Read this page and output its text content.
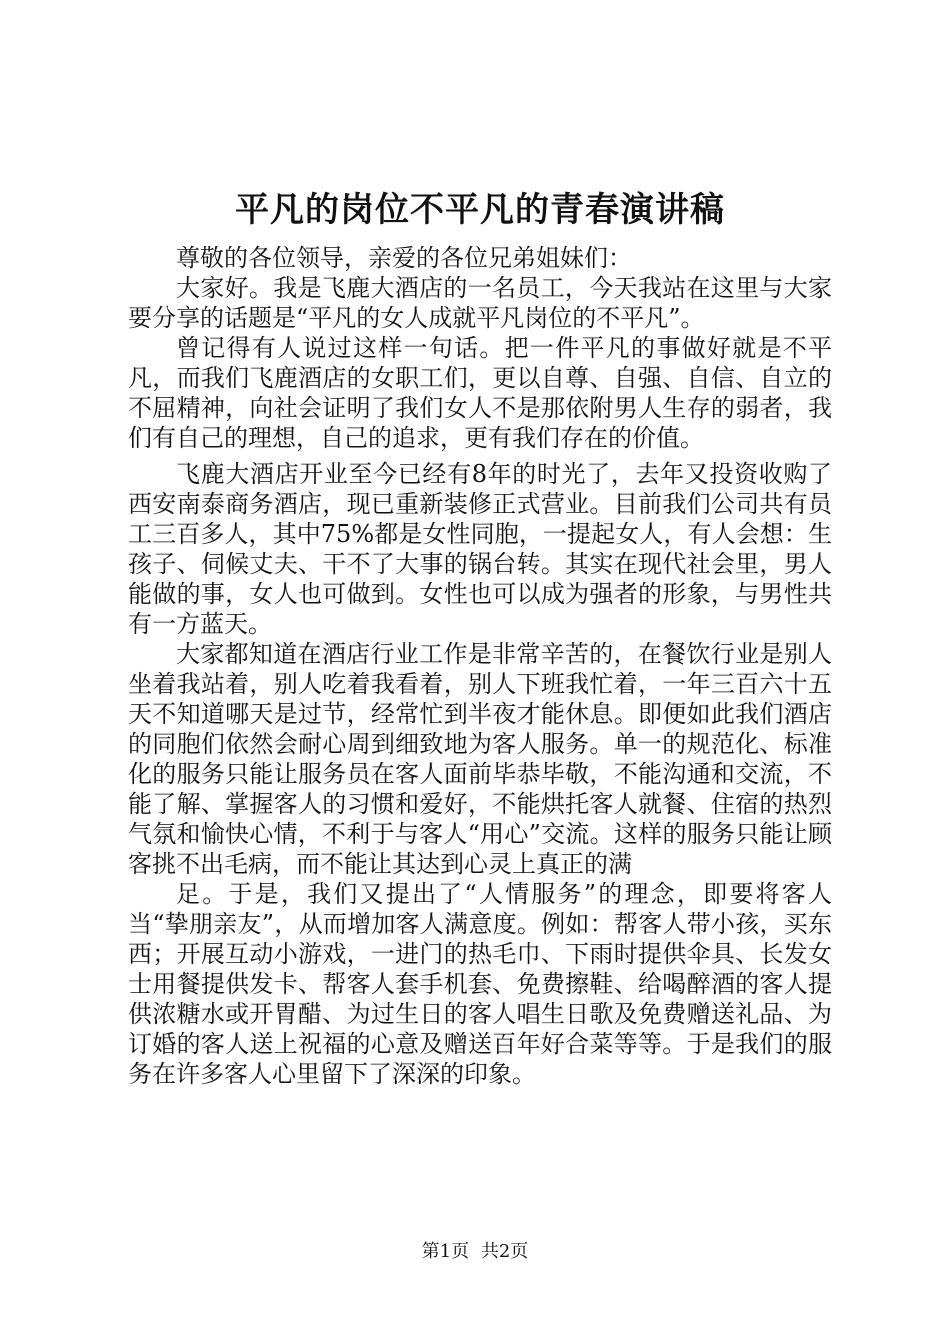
平凡的岗位不平凡的青春演讲稿

尊敬的各位领导，亲爱的各位兄弟姐妹们：

大家好。我是飞鹿大酒店的一名员工，今天我站在这里与大家要分享的话题是“平凡的女人成就平凡岗位的不平凡”。

曾记得有人说过这样一句话。把一件平凡的事做好就是不平凡，而我们飞鹿酒店的女职工们，更以自尊、自强、自信、自立的不屈精神，向社会证明了我们女人不是那依附男人生存的弱者，我们有自己的理想，自己的追求，更有我们存在的价值。

飞鹿大酒店开业至今已经有8年的时光了，去年又投资收购了西安南泰商务酒店，现已重新装修正式营业。目前我们公司共有员工三百多人，其中75%都是女性同胞，一提起女人，有人会想：生孩子、伺候丈夫、干不了大事的锅台转。其实在现代社会里，男人能做的事，女人也可做到。女性也可以成为强者的形象，与男性共有一方蓝天。

大家都知道在酒店行业工作是非常辛苦的，在餐饮行业是别人坐着我站着，别人吃着我看着，别人下班我忙着，一年三百六十五天不知道哪天是过节，经常忙到半夜才能休息。即便如此我们酒店的同胞们依然会耐心周到细致地为客人服务。单一的规范化、标准化的服务只能让服务员在客人面前毕恭毕敬，不能沟通和交流，不能了解、掌握客人的习惯和爱好，不能烘托客人就餐、住宿的热烈气氛和愉快心情，不利于与客人“用心”交流。这样的服务只能让顾客挑不出毛病，而不能让其达到心灵上真正的满

足。于是，我们又提出了“人情服务”的理念，即要将客人当“挚朋亲友”，从而增加客人满意度。例如：帮客人带小孩，买东西；开展互动小游戏，一进门的热毛巾、下雨时提供伞具、长发女士用餐提供发卡、帮客人套手机套、免费擦鞋、给喝醉酒的客人提供浓糖水或开胃醋、为过生日的客人唱生日歌及免费赠送礼品、为订婚的客人送上祝福的心意及赠送百年好合菜等等。于是我们的服务在许多客人心里留下了深深的印象。

第1页 共2页
